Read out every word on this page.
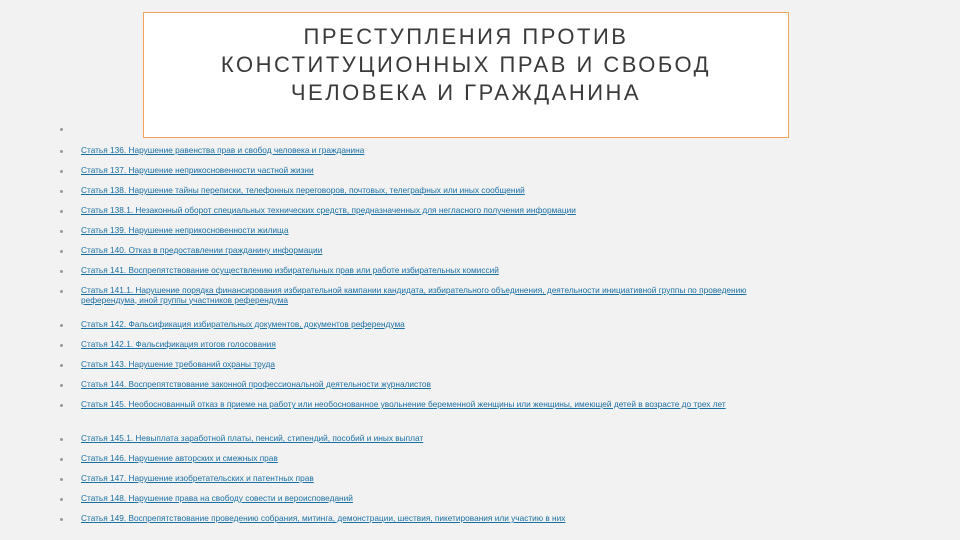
ПРЕСТУПЛЕНИЯ ПРОТИВ КОНСТИТУЦИОННЫХ ПРАВ И СВОБОД ЧЕЛОВЕКА И ГРАЖДАНИНА
Статья 136. Нарушение равенства прав и свобод человека и гражданина
Статья 137. Нарушение неприкосновенности частной жизни
Статья 138. Нарушение тайны переписки, телефонных переговоров, почтовых, телеграфных или иных сообщений
Статья 138.1. Незаконный оборот специальных технических средств, предназначенных для негласного получения информации
Статья 139. Нарушение неприкосновенности жилища
Статья 140. Отказ в предоставлении гражданину информации
Статья 141. Воспрепятствование осуществлению избирательных прав или работе избирательных комиссий
Статья 141.1. Нарушение порядка финансирования избирательной кампании кандидата, избирательного объединения, деятельности инициативной группы по проведению референдума, иной группы участников референдума
Статья 142. Фальсификация избирательных документов, документов референдума
Статья 142.1. Фальсификация итогов голосования
Статья 143. Нарушение требований охраны труда
Статья 144. Воспрепятствование законной профессиональной деятельности журналистов
Статья 145. Необоснованный отказ в приеме на работу или необоснованное увольнение беременной женщины или женщины, имеющей детей в возрасте до трех лет
Статья 145.1. Невыплата заработной платы, пенсий, стипендий, пособий и иных выплат
Статья 146. Нарушение авторских и смежных прав
Статья 147. Нарушение изобретательских и патентных прав
Статья 148. Нарушение права на свободу совести и вероисповеданий
Статья 149. Воспрепятствование проведению собрания, митинга, демонстрации, шествия, пикетирования или участию в них
